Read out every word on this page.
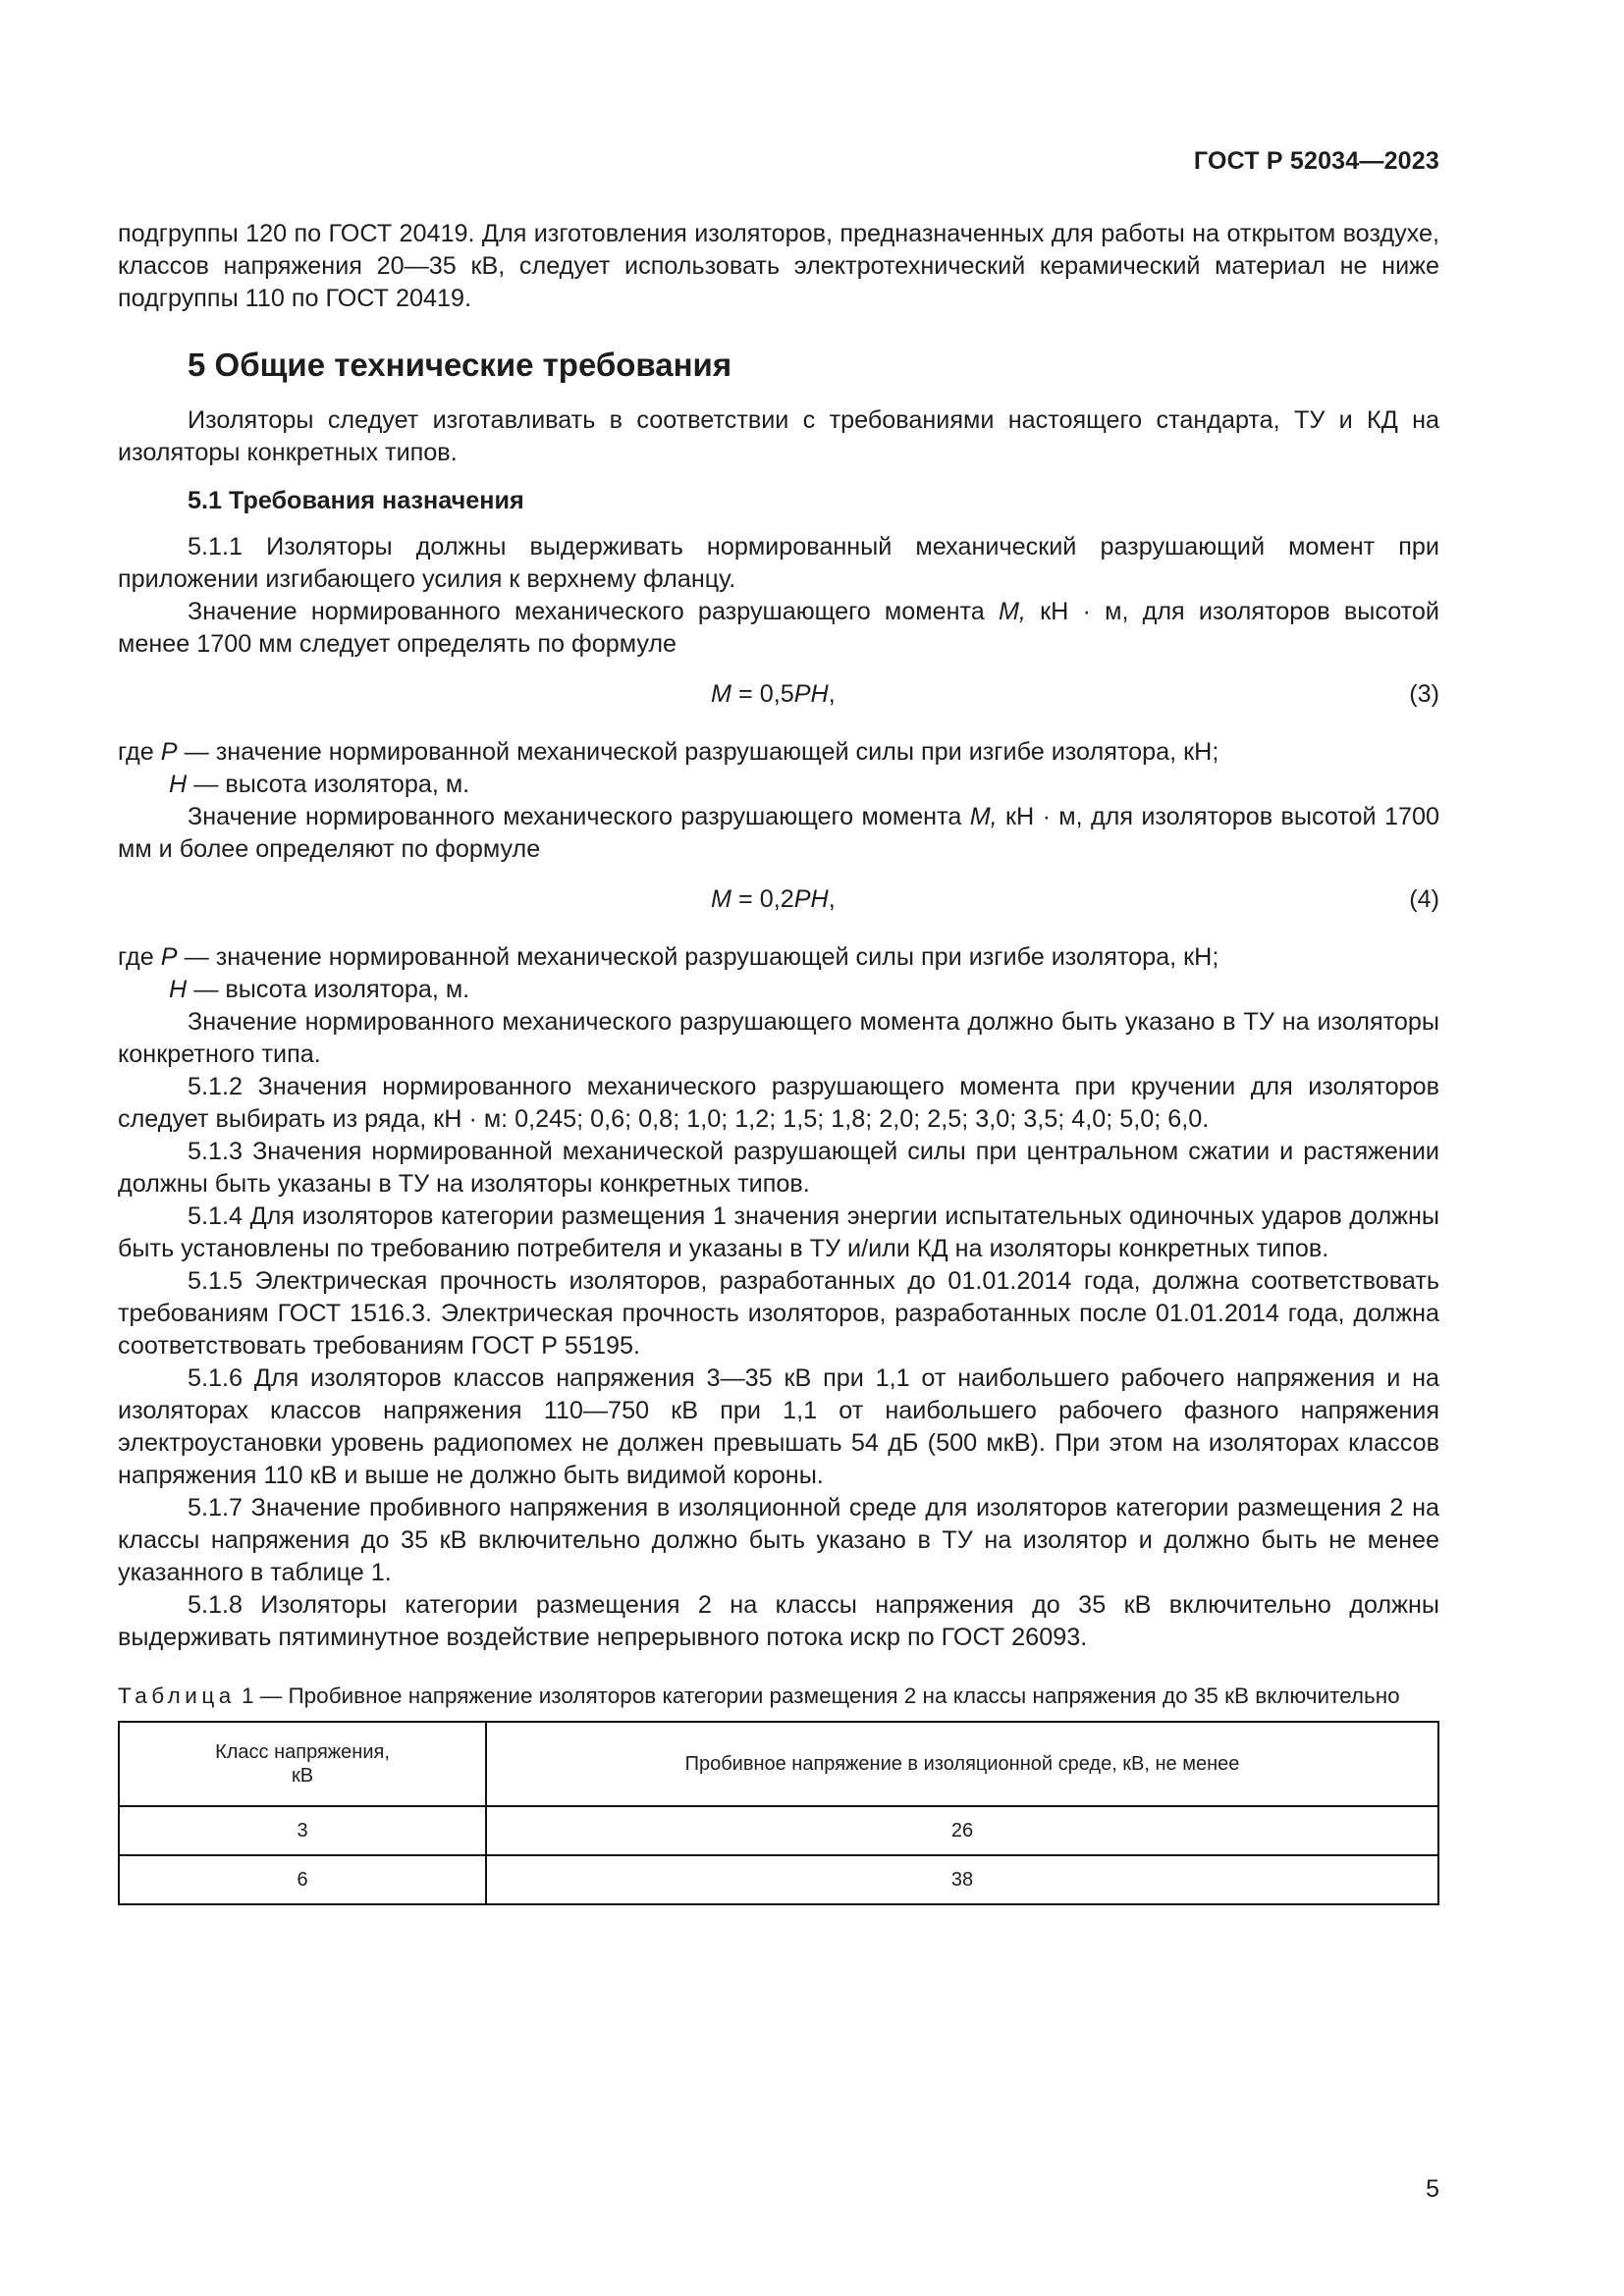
ГОСТ Р 52034—2023

подгруппы 120 по ГОСТ 20419. Для изготовления изоляторов, предназначенных для работы на открытом воздухе, классов напряжения 20—35 кВ, следует использовать электротехнический керамический материал не ниже подгруппы 110 по ГОСТ 20419.

5 Общие технические требования

Изоляторы следует изготавливать в соответствии с требованиями настоящего стандарта, ТУ и КД на изоляторы конкретных типов.

5.1 Требования назначения

5.1.1 Изоляторы должны выдерживать нормированный механический разрушающий момент при приложении изгибающего усилия к верхнему фланцу.

Значение нормированного механического разрушающего момента М, кН · м, для изоляторов высотой менее 1700 мм следует определять по формуле

M = 0,5PH,	(3)
где
P
— значение нормированной механической разрушающей силы при изгибе изолятора, кН;
H
— высота изолятора, м.

Значение нормированного механического разрушающего момента М, кН · м, для изоляторов высотой 1700 мм и более определяют по формуле

M = 0,2PH,	(4)
где
P
— значение нормированной механической разрушающей силы при изгибе изолятора, кН;
H
— высота изолятора, м.

Значение нормированного механического разрушающего момента должно быть указано в ТУ на изоляторы конкретного типа.

5.1.2 Значения нормированного механического разрушающего момента при кручении для изоляторов следует выбирать из ряда, кН · м: 0,245; 0,6; 0,8; 1,0; 1,2; 1,5; 1,8; 2,0; 2,5; 3,0; 3,5; 4,0; 5,0; 6,0.

5.1.3 Значения нормированной механической разрушающей силы при центральном сжатии и растяжении должны быть указаны в ТУ на изоляторы конкретных типов.

5.1.4 Для изоляторов категории размещения 1 значения энергии испытательных одиночных ударов должны быть установлены по требованию потребителя и указаны в ТУ и/или КД на изоляторы конкретных типов.

5.1.5 Электрическая прочность изоляторов, разработанных до 01.01.2014 года, должна соответствовать требованиям ГОСТ 1516.3. Электрическая прочность изоляторов, разработанных после 01.01.2014 года, должна соответствовать требованиям ГОСТ Р 55195.

5.1.6 Для изоляторов классов напряжения 3—35 кВ при 1,1 от наибольшего рабочего напряжения и на изоляторах классов напряжения 110—750 кВ при 1,1 от наибольшего рабочего фазного напряжения электроустановки уровень радиопомех не должен превышать 54 дБ (500 мкВ). При этом на изоляторах классов напряжения 110 кВ и выше не должно быть видимой короны.

5.1.7 Значение пробивного напряжения в изоляционной среде для изоляторов категории размещения 2 на классы напряжения до 35 кВ включительно должно быть указано в ТУ на изолятор и должно быть не менее указанного в таблице 1.

5.1.8 Изоляторы категории размещения 2 на классы напряжения до 35 кВ включительно должны выдерживать пятиминутное воздействие непрерывного потока искр по ГОСТ 26093.

Таблица 1 — Пробивное напряжение изоляторов категории размещения 2 на классы напряжения до 35 кВ включительно
Класс напряжения,
кВ	Пробивное напряжение в изоляционной среде, кВ, не менее
3	26
6	38
5
